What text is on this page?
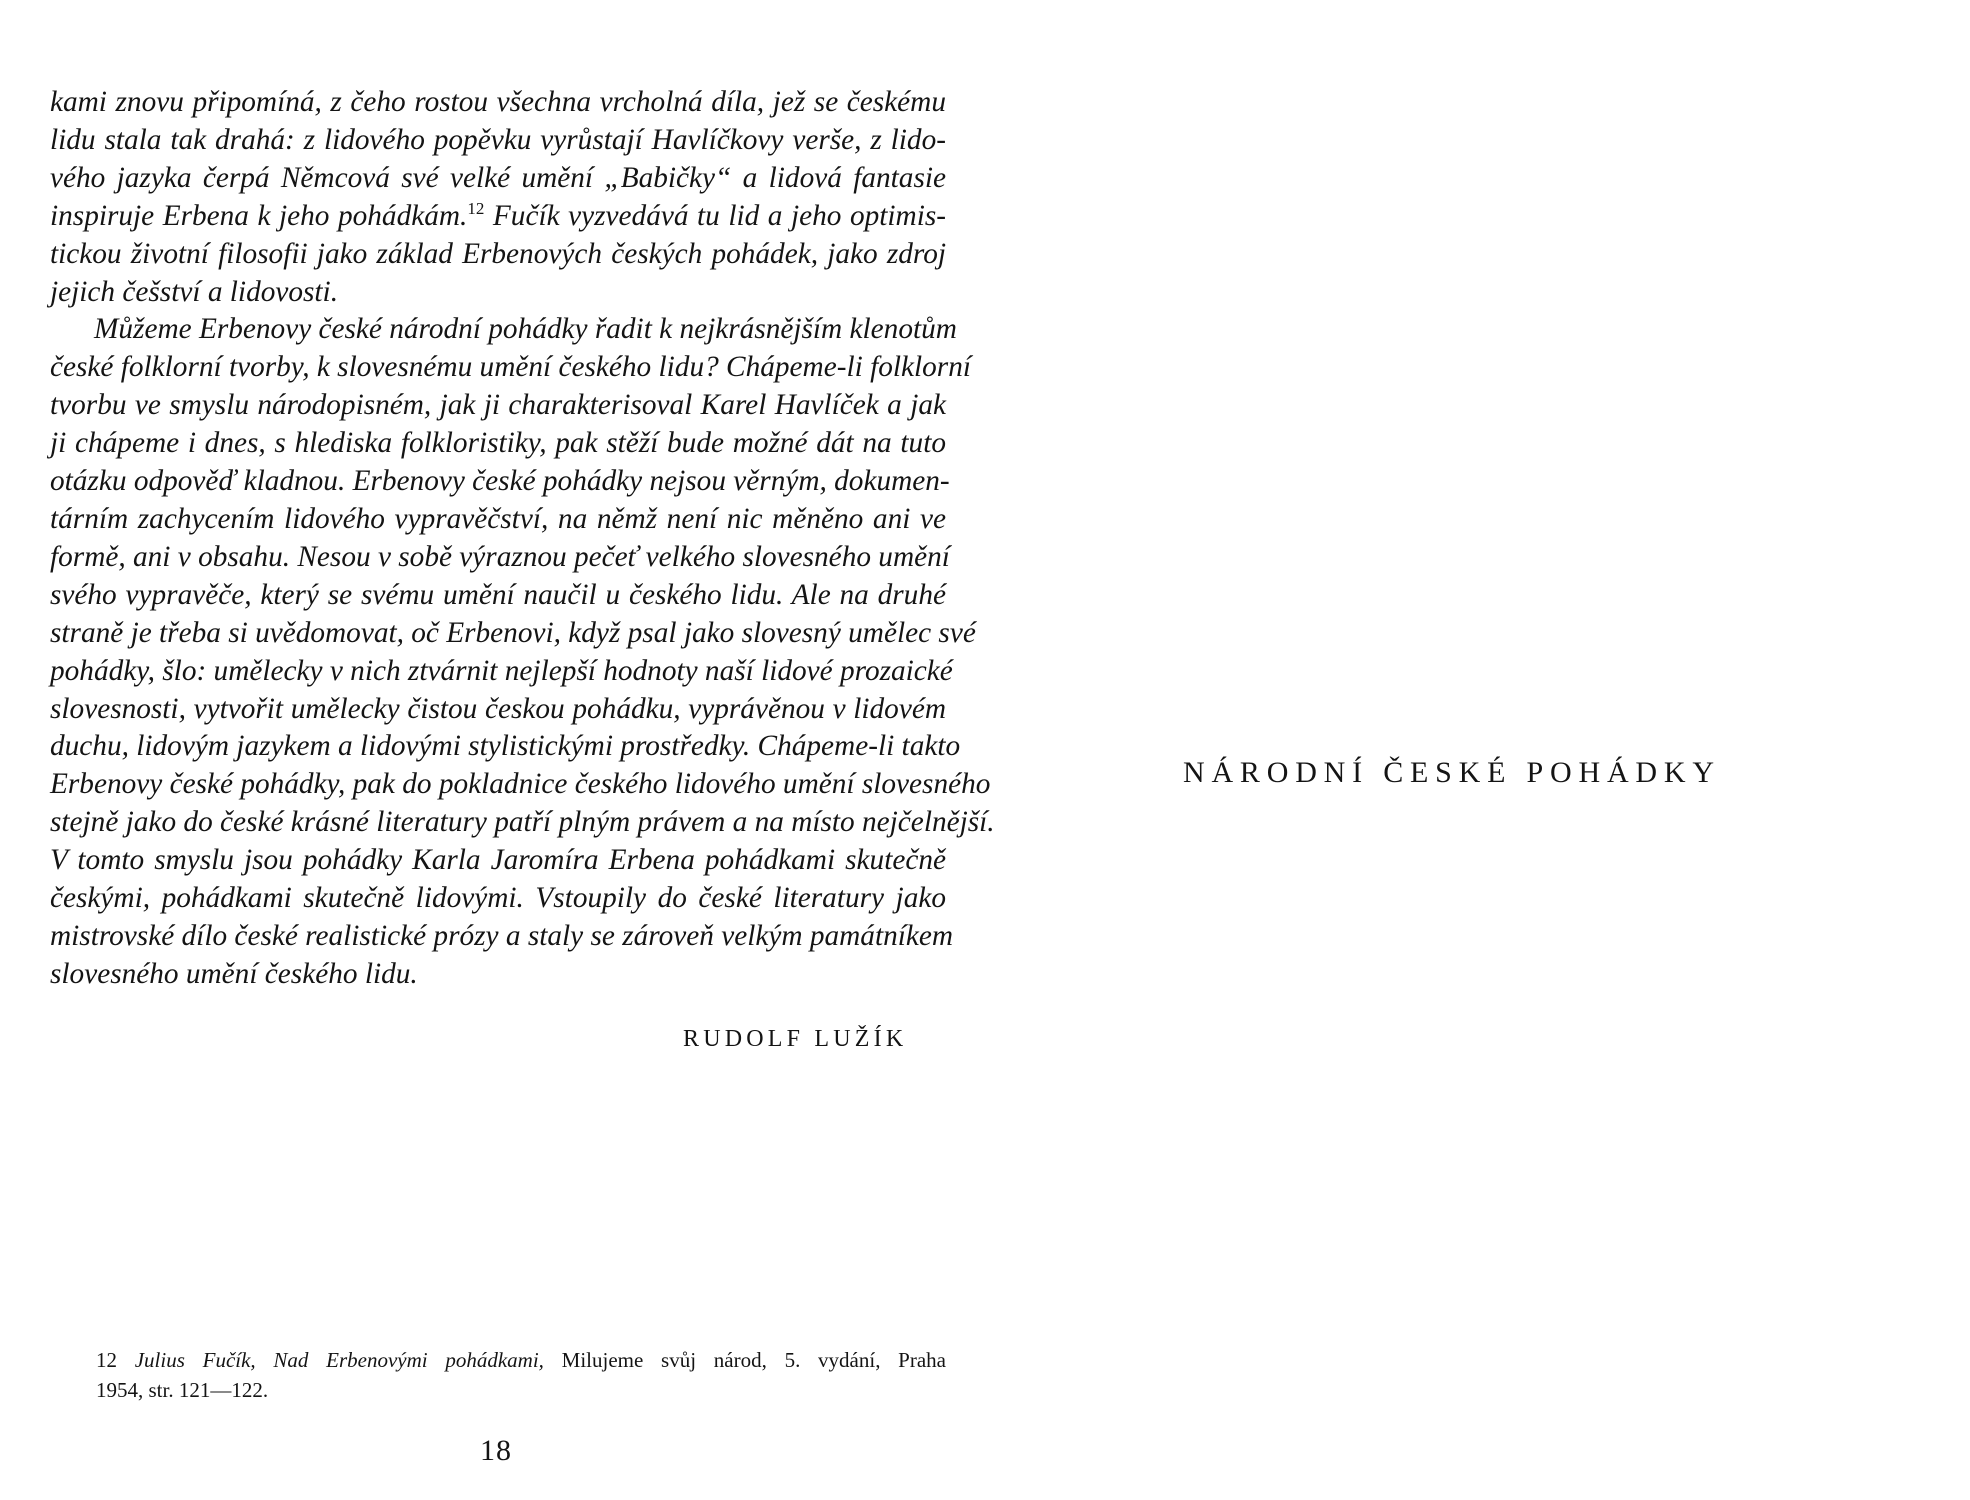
kami znovu připomíná, z čeho rostou všechna vrcholná díla, jež se českému
lidu stala tak drahá: z lidového popěvku vyrůstají Havlíčkovy verše, z lido-
vého jazyka čerpá Němcová své velké umění „Babičky“ a lidová fantasie
inspiruje Erbena k jeho pohádkám.$^{12}$ Fučík vyzvedává tu lid a jeho optimis-
tickou životní filosofii jako základ Erbenových českých pohádek, jako zdroj
jejich češství a lidovosti.
Můžeme Erbenovy české národní pohádky řadit k nejkrásnějším klenotům
české folklorní tvorby, k slovesnému umění českého lidu? Chápeme-li folklorní
tvorbu ve smyslu národopisném, jak ji charakterisoval Karel Havlíček a jak
ji chápeme i dnes, s hlediska folkloristiky, pak stěží bude možné dát na tuto
otázku odpověď kladnou. Erbenovy české pohádky nejsou věrným, dokumen-
tárním zachycením lidového vypravěčství, na němž není nic měněno ani ve
formě, ani v obsahu. Nesou v sobě výraznou pečeť velkého slovesného umění
svého vypravěče, který se svému umění naučil u českého lidu. Ale na druhé
straně je třeba si uvědomovat, oč Erbenovi, když psal jako slovesný umělec své
pohádky, šlo: umělecky v nich ztvárnit nejlepší hodnoty naší lidové prozaické
slovesnosti, vytvořit umělecky čistou českou pohádku, vyprávěnou v lidovém
duchu, lidovým jazykem a lidovými stylistickými prostředky. Chápeme-li takto
Erbenovy české pohádky, pak do pokladnice českého lidového umění slovesného
stejně jako do české krásné literatury patří plným právem a na místo nejčelnější.
V tomto smyslu jsou pohádky Karla Jaromíra Erbena pohádkami skutečně
českými, pohádkami skutečně lidovými. Vstoupily do české literatury jako
mistrovské dílo české realistické prózy a staly se zároveň velkým památníkem
slovesného umění českého lidu.
RUDOLF LUŽÍK
12 Julius Fučík, Nad Erbenovými pohádkami, Milujeme svůj národ, 5. vydání, Praha
1954, str. 121—122.
18
NÁRODNÍ ČESKÉ POHÁDKY
